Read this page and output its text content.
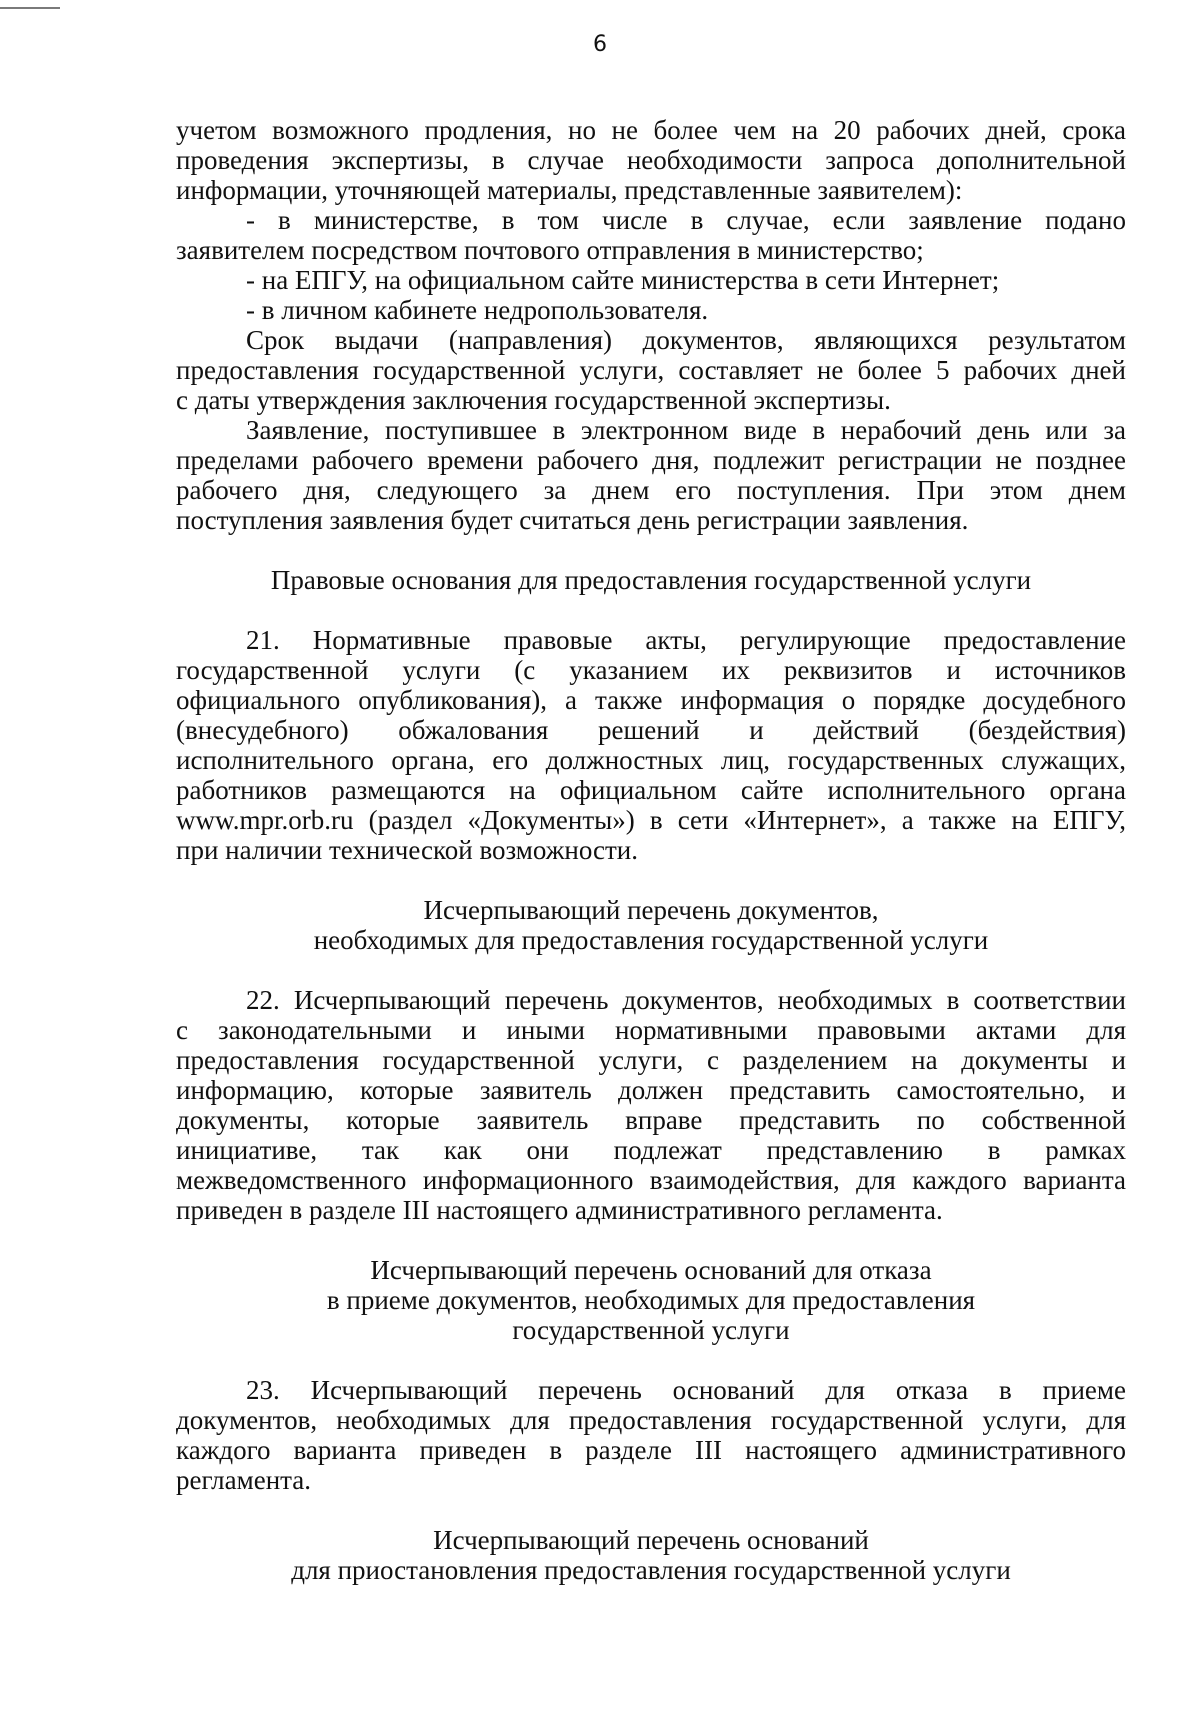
6

учетом возможного продления, но не более чем на 20 рабочих дней, срока

проведения экспертизы, в случае необходимости запроса дополнительной

информации, уточняющей материалы, представленные заявителем):

- в министерстве, в том числе в случае, если заявление подано

заявителем посредством почтового отправления в министерство;

- на ЕПГУ, на официальном сайте министерства в сети Интернет;

- в личном кабинете недропользователя.

Срок выдачи (направления) документов, являющихся результатом

предоставления государственной услуги, составляет не более 5 рабочих дней

с даты утверждения заключения государственной экспертизы.

Заявление, поступившее в электронном виде в нерабочий день или за

пределами рабочего времени рабочего дня, подлежит регистрации не позднее

рабочего дня, следующего за днем его поступления. При этом днем

поступления заявления будет считаться день регистрации заявления.

Правовые основания для предоставления государственной услуги

21. Нормативные правовые акты, регулирующие предоставление

государственной услуги (с указанием их реквизитов и источников

официального опубликования), а также информация о порядке досудебного

(внесудебного) обжалования решений и действий (бездействия)

исполнительного органа, его должностных лиц, государственных служащих,

работников размещаются на официальном сайте исполнительного органа

www.mpr.orb.ru (раздел «Документы») в сети «Интернет», а также на ЕПГУ,

при наличии технической возможности.

Исчерпывающий перечень документов,

необходимых для предоставления государственной услуги

22. Исчерпывающий перечень документов, необходимых в соответствии

с законодательными и иными нормативными правовыми актами для

предоставления государственной услуги, с разделением на документы и

информацию, которые заявитель должен представить самостоятельно, и

документы, которые заявитель вправе представить по собственной

инициативе, так как они подлежат представлению в рамках

межведомственного информационного взаимодействия, для каждого варианта

приведен в разделе III настоящего административного регламента.

Исчерпывающий перечень оснований для отказа

в приеме документов, необходимых для предоставления

государственной услуги

23. Исчерпывающий перечень оснований для отказа в приеме

документов, необходимых для предоставления государственной услуги, для

каждого варианта приведен в разделе III настоящего административного

регламента.

Исчерпывающий перечень оснований

для приостановления предоставления государственной услуги
